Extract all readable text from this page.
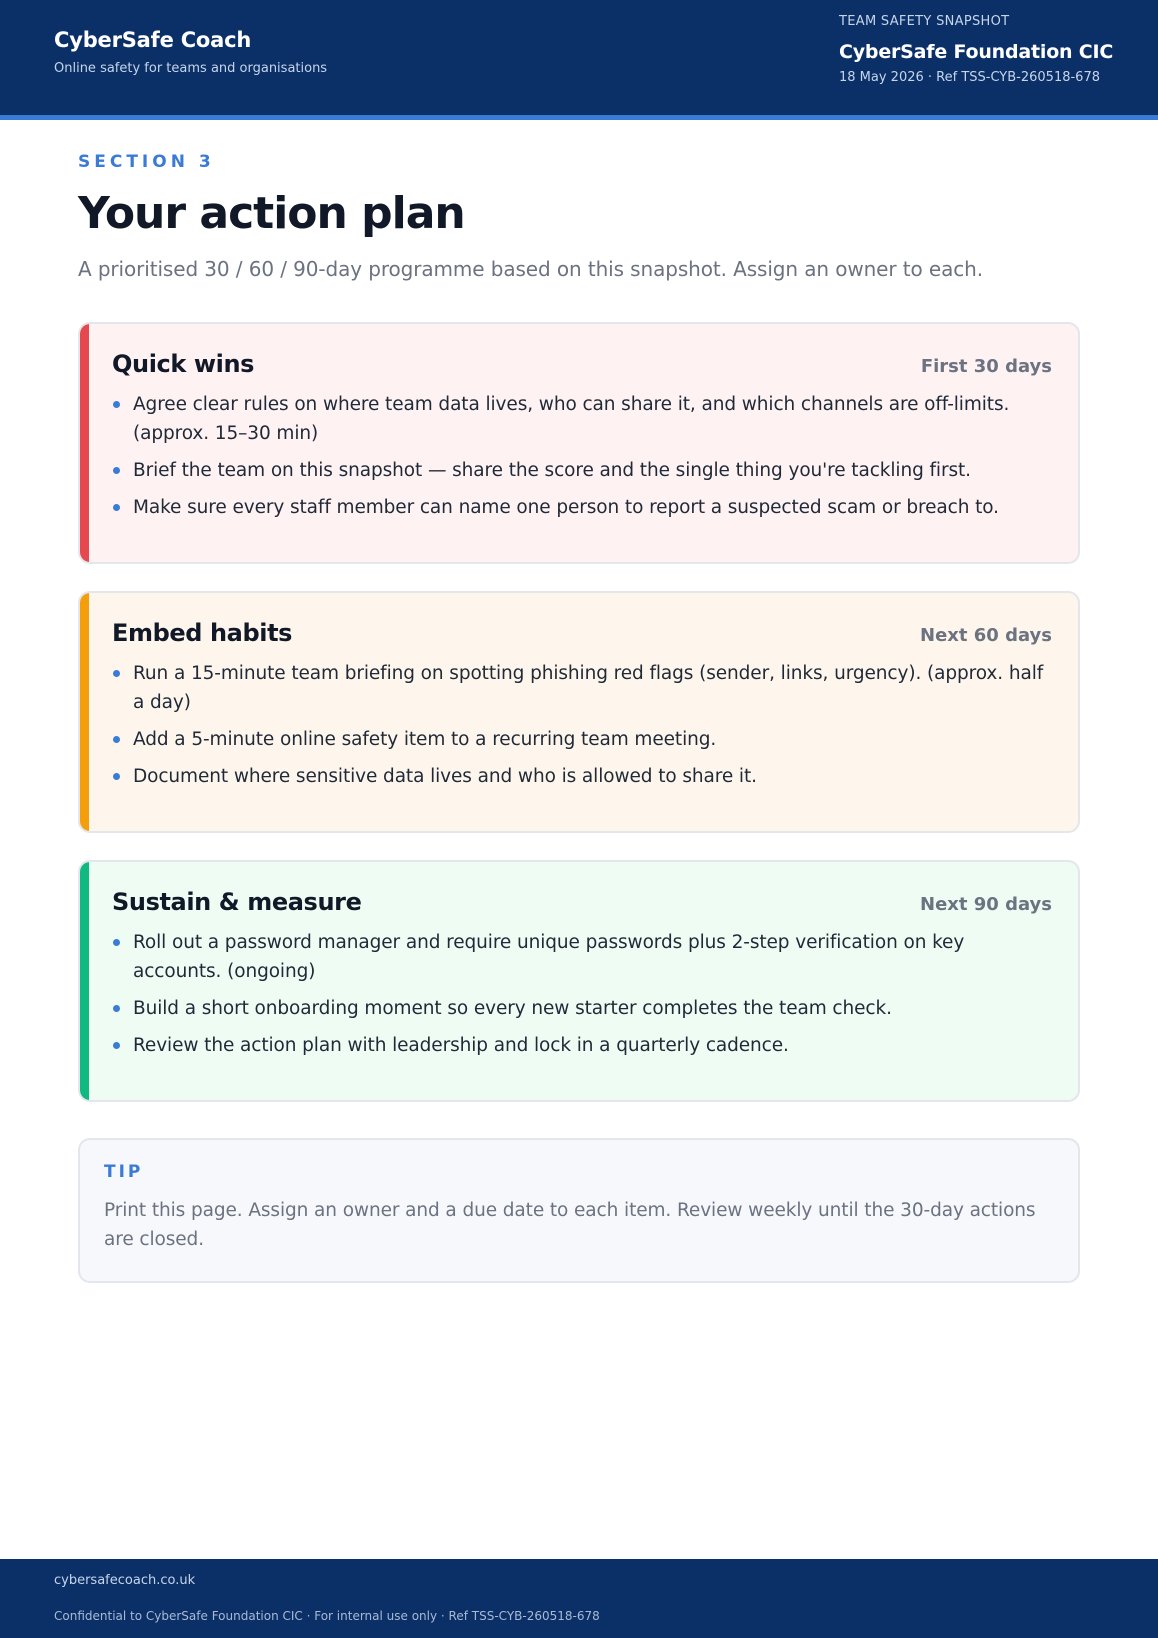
CyberSafe Coach
Online safety for teams and organisations
TEAM SAFETY SNAPSHOT
CyberSafe Foundation CIC
18 May 2026 · Ref TSS-CYB-260518-678
SECTION 3
Your action plan

A prioritised 30 / 60 / 90-day programme based on this snapshot. Assign an owner to each.

Quick wins	First 30 days
Agree clear rules on where team data lives, who can share it, and which channels are off-limits. (approx. 15–30 min)
Brief the team on this snapshot — share the score and the single thing you're tackling first.
Make sure every staff member can name one person to report a suspected scam or breach to.
Embed habits	Next 60 days
Run a 15-minute team briefing on spotting phishing red flags (sender, links, urgency). (approx. half a day)
Add a 5-minute online safety item to a recurring team meeting.
Document where sensitive data lives and who is allowed to share it.
Sustain & measure	Next 90 days
Roll out a password manager and require unique passwords plus 2-step verification on key accounts. (ongoing)
Build a short onboarding moment so every new starter completes the team check.
Review the action plan with leadership and lock in a quarterly cadence.
TIP
Print this page. Assign an owner and a due date to each item. Review weekly until the 30-day actions are closed.
cybersafecoach.co.uk
Confidential to CyberSafe Foundation CIC · For internal use only · Ref TSS-CYB-260518-678
